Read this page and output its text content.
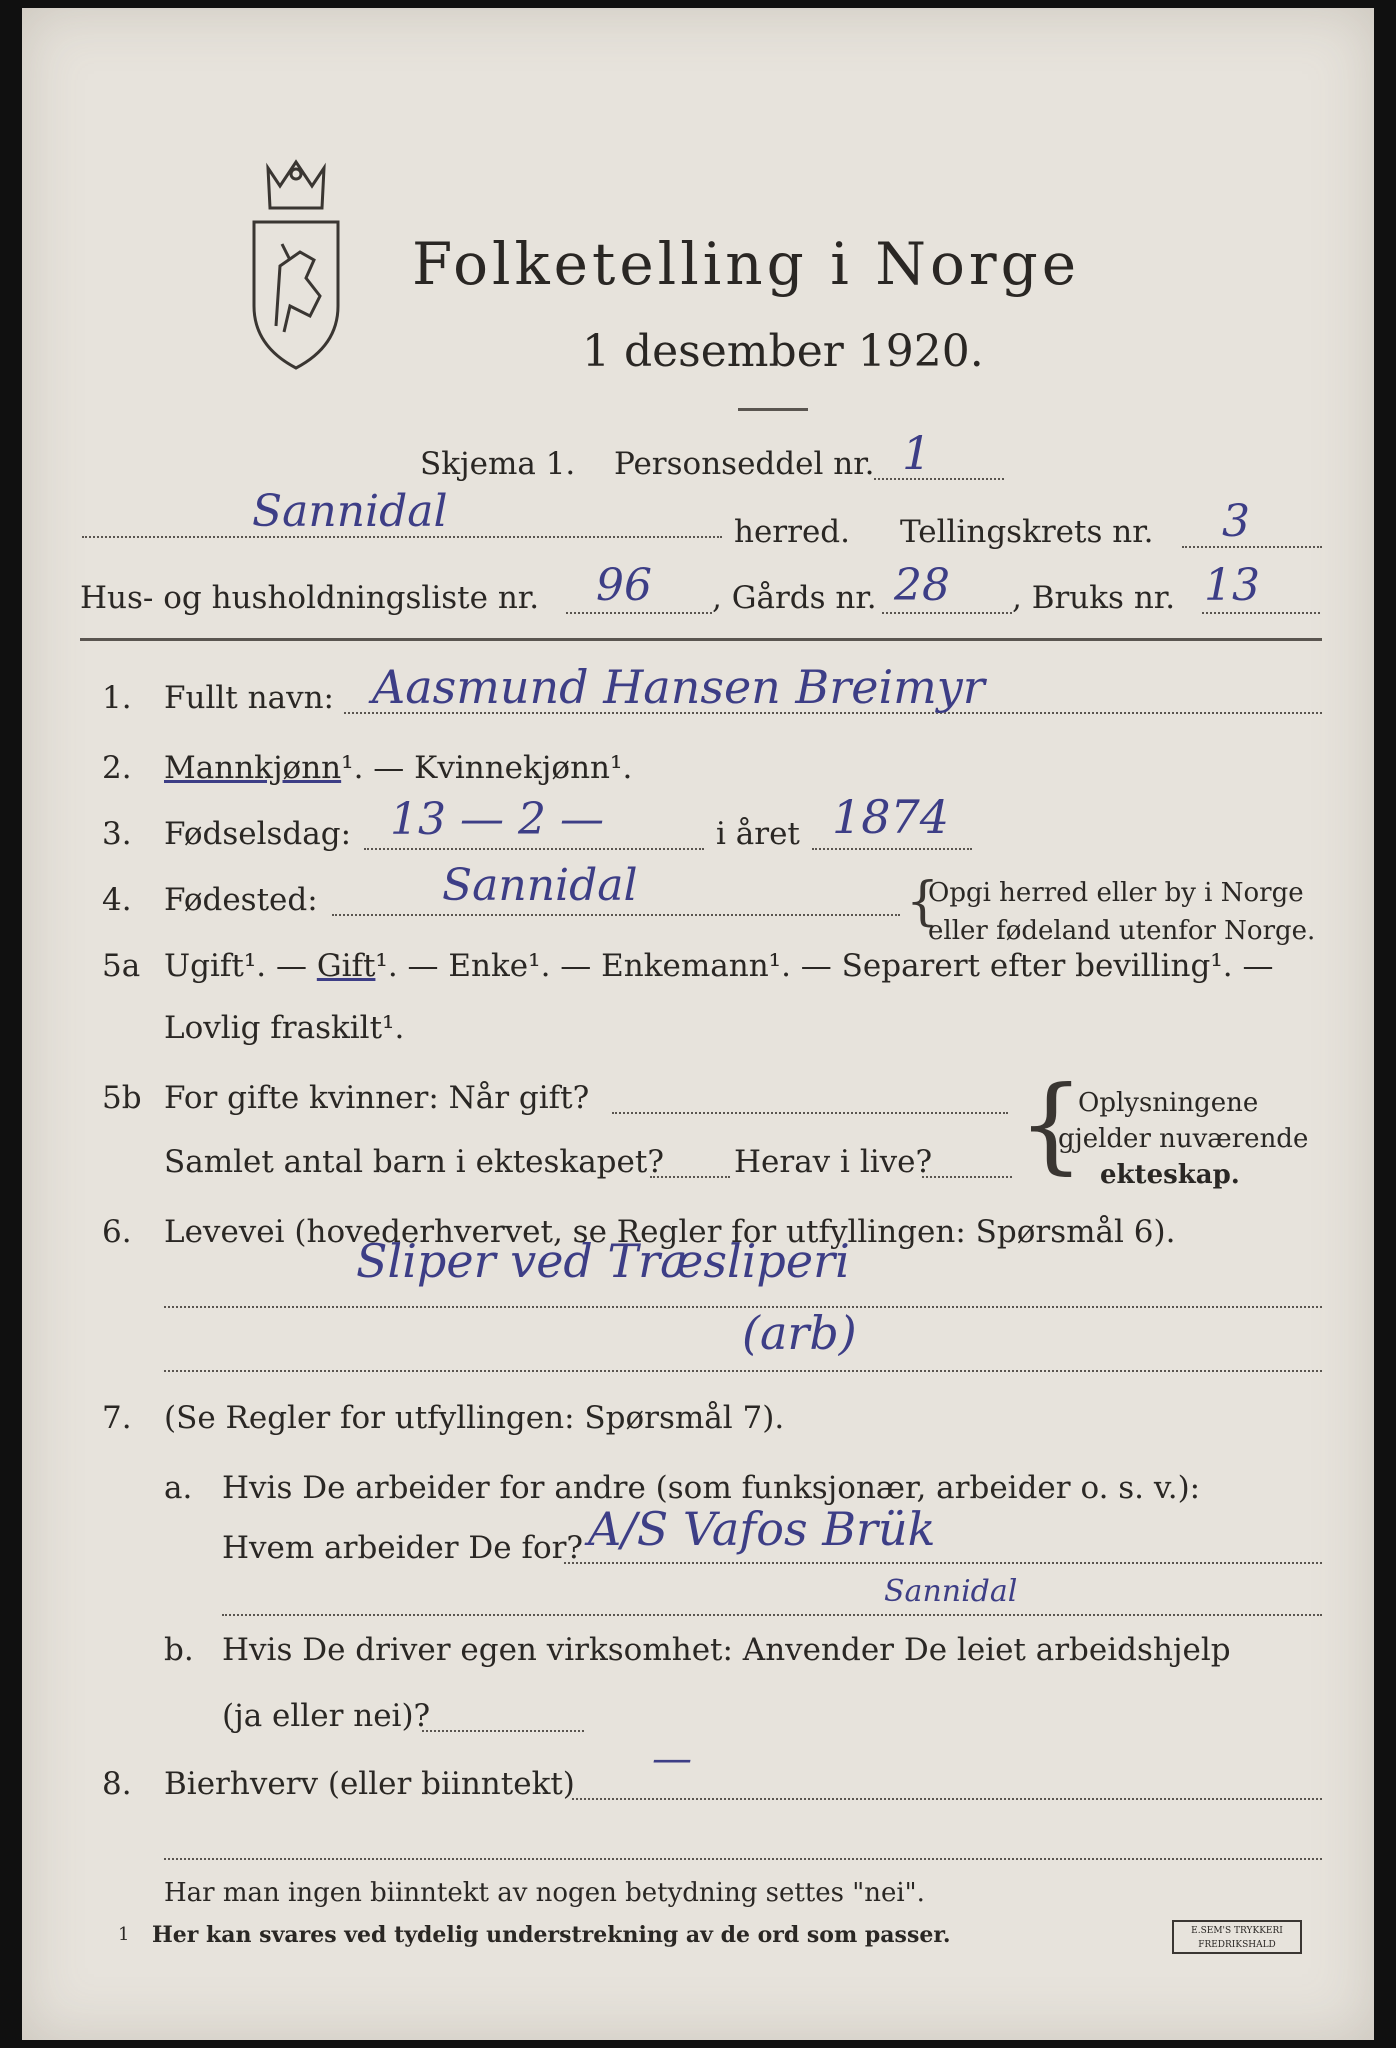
Folketelling i Norge
1 desember 1920.
Skjema 1. Personseddel nr. 1
Sannidal	herred. Tellingskrets nr. 3
Hus- og husholdningsliste nr. 96 , Gårds nr. 28 , Bruks nr. 13
1. Fullt navn: Aasmund Hansen Breimyr
2. Mannkjønn¹. — Kvinnekjønn¹.
3. Fødselsdag: 13 — 2 —	i året 1874
4. Fødested:	Sannidal	{
Opgi herred eller by i Norge
eller fødeland utenfor Norge.
5a Ugift¹. — Gift¹. — Enke¹. — Enkemann¹. — Separert efter bevilling¹. —
Lovlig fraskilt¹.
5b For gifte kvinner: Når gift?
Samlet antal barn i ekteskapet? Herav i live? {
Oplysningene
gjelder nuværende
ekteskap.
6. Levevei (hovederhvervet, se Regler for utfyllingen: Spørsmål 6).
Sliper ved Træsliperi
(arb)
7. (Se Regler for utfyllingen: Spørsmål 7).
a. Hvis De arbeider for andre (som funksjonær, arbeider o. s. v.):
Hvem arbeider De for? A/S Vafos Brük
Sannidal
b. Hvis De driver egen virksomhet: Anvender De leiet arbeidshjelp
(ja eller nei)?
8. Bierhverv (eller biinntekt)
—
Har man ingen biinntekt av nogen betydning settes "nei".
1 Her kan svares ved tydelig understrekning av de ord som passer.	E.SEM'S TRYKKERI
FREDRIKSHALD
